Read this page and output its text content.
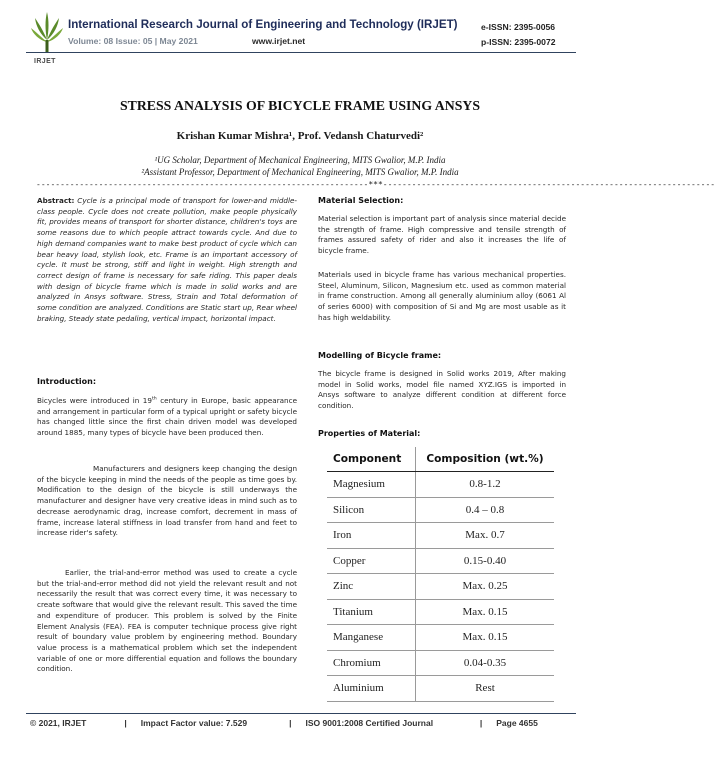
IRJET
International Research Journal of Engineering and Technology (IRJET)
Volume: 08 Issue: 05 | May 2021	www.irjet.net
e-ISSN: 2395-0056
p-ISSN: 2395-0072
STRESS ANALYSIS OF BICYCLE FRAME USING ANSYS
Krishan Kumar Mishra¹, Prof. Vedansh Chaturvedi²
¹UG Scholar, Department of Mechanical Engineering, MITS Gwalior, M.P. India
²Assistant Professor, Department of Mechanical Engineering, MITS Gwalior, M.P. India
---------------------------------------------------------------------***---------------------------------------------------------------------

Abstract: Cycle is a principal mode of transport for lower-and middle-class people. Cycle does not create pollution, make people physically fit, provides means of transport for shorter distance, children's toys are some reasons due to which people attract towards cycle. And due to high demand companies want to make best product of cycle which can bear heavy load, stylish look, etc. Frame is an important accessory of cycle. It must be strong, stiff and light in weight. High strength and correct design of frame is necessary for safe riding. This paper deals with design of bicycle frame which is made in solid works and are analyzed in Ansys software. Stress, Strain and Total deformation of some condition are analyzed. Conditions are Static start up, Rear wheel braking, Steady state pedaling, vertical impact, horizontal impact.

Introduction:

Bicycles were introduced in 19th century in Europe, basic appearance and arrangement in particular form of a typical upright or safety bicycle has changed little since the first chain driven model was developed around 1885, many types of bicycle have been produced then.

Manufacturers and designers keep changing the design of the bicycle keeping in mind the needs of the people as time goes by. Modification to the design of the bicycle is still underways the manufacturer and designer have very creative ideas in mind such as to decrease aerodynamic drag, increase comfort, decrement in mass of frame, increase lateral stiffness in load transfer from hand and feet to increase rider's safety.

Earlier, the trial-and-error method was used to create a cycle but the trial-and-error method did not yield the relevant result and not necessarily the result that was correct every time, it was necessary to create software that would give the relevant result. This saved the time and expenditure of producer. This problem is solved by the Finite Element Analysis (FEA). FEA is computer technique process give right result of boundary value problem by engineering method. Boundary value process is a mathematical problem which set the independent variable of one or more differential equation and follows the boundary condition.

Material Selection:

Material selection is important part of analysis since material decide the strength of frame. High compressive and tensile strength of frames assured safety of rider and also it increases the life of bicycle frame.

Materials used in bicycle frame has various mechanical properties. Steel, Aluminum, Silicon, Magnesium etc. used as common material in frame construction. Among all generally aluminium alloy (6061 Al of series 6000) with composition of Si and Mg are most usable as it has high weldability.

Modelling of Bicycle frame:

The bicycle frame is designed in Solid works 2019, After making model in Solid works, model file named XYZ.IGS is imported in Ansys software to analyze different condition at different force condition.

Properties of Material:
Component	Composition (wt.%)
Magnesium	0.8-1.2
Silicon	0.4 – 0.8
Iron	Max. 0.7
Copper	0.15-0.40
Zinc	Max. 0.25
Titanium	Max. 0.15
Manganese	Max. 0.15
Chromium	0.04-0.35
Aluminium	Rest
© 2021, IRJET	| Impact Factor value: 7.529	| ISO 9001:2008 Certified Journal	| Page 4655
